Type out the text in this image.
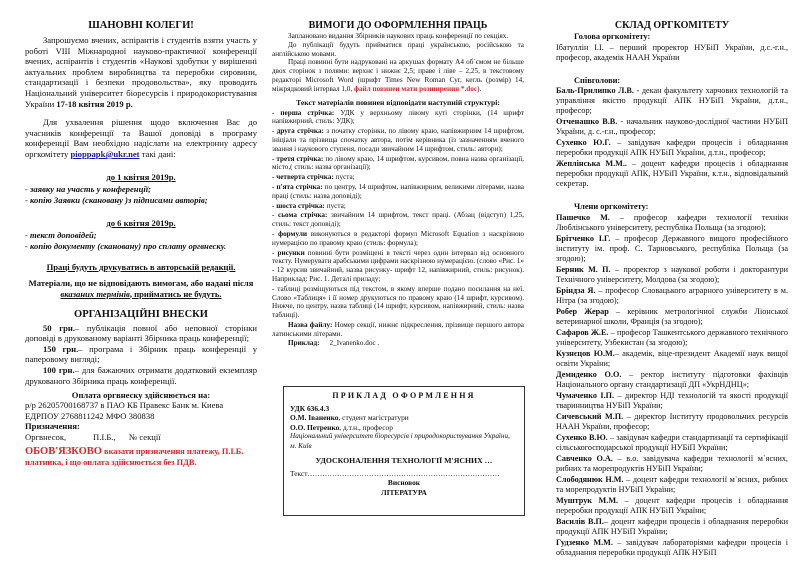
ШАНОВНІ КОЛЕГИ!

Запрошуємо вчених, аспірантів і студентів взяти участь у роботі VIII Міжнародної науково-практичної конференції вчених, аспірантів і студентів «Наукові здобутки у вирішенні актуальних проблем виробництва та переробки сировини, стандартизації і безпеки продовольства», яку проводить Національний університет біоресурсів і природокористування України 17-18 квітня 2019 р.

Для ухвалення рішення щодо включення Вас до учасників конференції та Вашої доповіді в програму конференції Вам необхідно надіслати на електронну адресу оргкомітету pioppapk@ukr.net такі дані:

до 1 квітня 2019р.
- заявку на участь у конференції;
- копію Заявки (скановану )з підписами авторів;
до 6 квітня 2019р.
- текст доповідей;
- копію документу (скановану) про сплату оргвнеску.
Праці будуть друкуватись в авторській редакції.
Матеріали, що не відповідають вимогам, або надані після вказаних термінів, прийматись не будуть.
ОРГАНІЗАЦІЙНІ ВНЕСКИ

50 грн.– публікація повної або неповної сторінки доповіді в друкованому варіанті Збірника праць конференції;

150 грн.– програма і Збірник праць конференції у паперовому вигляді;

100 грн.– для бажаючих отримати додатковий екземпляр друкованого Збірника праць конференції.

Оплата оргвнеску здійснюється на:
р/р 26205700168737 в ПАО КБ Правекс Банк м. Киева
ЕДРПОУ 2768811242 МФО 380838
Призначення:
Оргвнесок,	П.І.Б.,	№ секції
ОБОВ'ЯЗКОВО вказати призначення платежу, П.І.Б. платника, і що оплата здійснюється без ПДВ.
ВИМОГИ ДО ОФОРМЛЕННЯ ПРАЦЬ

Заплановано видання Збірників наукових праць конференції по секціях.

До публікації будуть прийматися праці українською, російською та англійською мовами.

Праці повинні бути надруковані на аркушах формату А4 об`ємом не більше двох сторінок з полями: верхнє і нижнє 2,5; праве і ліве – 2,25, в текстовому редакторі Microsoft Word (шрифт Times New Roman Cyr, кегль (розмір) 14, міжрядковий інтервал 1,0, файл повинен мати розширення *.doc).

Текст матеріалів повинен відповідати наступній структурі:
- перша стрічка: УДК у верхньому лівому куті сторінки, (14 шрифт напівжирний, стиль: УДК);
- друга стрічка: з початку сторінки, по лівому краю, напівжирним 14 шрифтом, ініціали та прізвища спочатку автора, потім керівника (із зазначенням вченого звання і наукового ступеня, посади звичайним 14 шрифтом, стиль: автори);
- третя стрічка: по лівому краю, 14 шрифтом, курсивом, повна назва організації, місто,( стиль: назва організації);
- четверта стрічка: пуста;
- п'ята стрічка: по центру, 14 шрифтом, напівжирним, великими літерами, назва праці (стиль: назва доповіді);
- шоста стрічка: пуста;
- сьома стрічка: звичайним 14 шрифтом, текст праці. (Абзац (відступ) 1,25, стиль: текст доповіді);
- формули виконуються в редакторі формул Microsoft Equation з наскрізною нумерацією по правому краю (стиль: формула);
- рисунки повинні бути розміщені в тексті через один інтервал від основного тексту. Нумерувати арабськими цифрами наскрізною нумерацією. (слово «Рис. 1» - 12 курсив звичайний, назва рисунку- шрифт 12, напівжирний, стиль: рисунок). Наприклад: Рис. 1. Деталі приладу;
- таблиці розміщуються під текстом, в якому вперше подано посилання на неї. Слово «Таблиця» і її номер друкуються по правому краю (14 шрифт, курсивом). Нижче, по центру, назва таблиці (14 шрифт, курсивом, напівжирний, стиль: назва таблиці).

Назва файлу: Номер секції, нижнє підкреслення, прізвище першого автора латинськими літерами.

Приклад: 2_Ivanenko.doc .
ПРИКЛАД ОФОРМЛЕННЯ
УДК 636.4.3
О.М. Іваненко, студент магістратури
О.О. Петренко, д.т.н., професор
Національний університет біоресурсів і природокористування України, м. Київ
УДОСКОНАЛЕННЯ ТЕХНОЛОГІЇ М'ЯСНИХ …
Текст……………………………………………………………………
Висновок
ЛІТЕРАТУРА
СКЛАД ОРГКОМІТЕТУ
Голова оргкомітету:
Ібатуллін І.І. – перший проректор НУБіП України, д.с.-г.н., професор, академік НААН України
Співголови:
Баль-Прилипко Л.В. - декан факультету харчових технологій та управління якістю продукції АПК НУБіП України, д.т.н., професор;
Отченашко В.В. - начальник науково-дослідної частини НУБіП України, д. с.-г.н., професор;
Сухенко Ю.Г. – завідувач кафедри процесів і обладнання переробки продукції АПК НУБіП України, д.т.н., професор;
Жеплінська М.М.. – доцент кафедри процесів і обладнання переробки продукції АПК, НУБіП України, к.т.н., відповідальний секретар.
Члени оргкомітету:
Пашечко М. – професор кафедри технології техніки Люблінського університету, республіка Польща (за згодою);
Брітченко І.Г. – професор Державного вищого професійного інституту ім. проф. С. Тарновського, республіка Польща (за згодою);
Берник М. П. – проректор з наукової роботи і докторантури Технічного університету, Молдова (за згодою);
Бріндза Я. – професор Словацького аграрного університету в м. Нітра (за згодою);
Робер Жерар – керівник метрологічної служби Ліонської ветеринарної школи, Франція (за згодою);
Сафаров Ж.Е. – професор Ташкентського державного технічного університету, Узбекистан (за згодою);
Кузнєцов Ю.М.– академік, віце-президент Академії наук вищої освіти України;
Демиденко О.О. – ректор інституту підготовки фахівців Національного органу стандартизації ДП «УкрНДНЦ»;
Чумаченко І.П. – директор НДІ технологій та якості продукції тваринництва НУБіП України;
Сичевський М.П. – директор Інституту продовольчих ресурсів НААН України, професор;
Сухенко В.Ю. – завідувач кафедри стандартизації та сертифікації сільськогосподарської продукції НУБіП України;
Савченко О.А. – в.о. завідувача кафедри технології м`ясних, рибних та морепродуктів НУБіП України;
Слободянюк Н.М. – доцент кафедри технології м`ясних, рибних та морепродуктів НУБіП України;
Муштрук М.М. – доцент кафедри процесів і обладнання переробки продукції АПК НУБіП України;
Василів В.П.– доцент кафедри процесів і обладнання переробки продукції АПК НУБіП України;
Гудзенко М.М. – завідувач лабораторіями кафедри процесів і обладнання переробки продукції АПК НУБіП
